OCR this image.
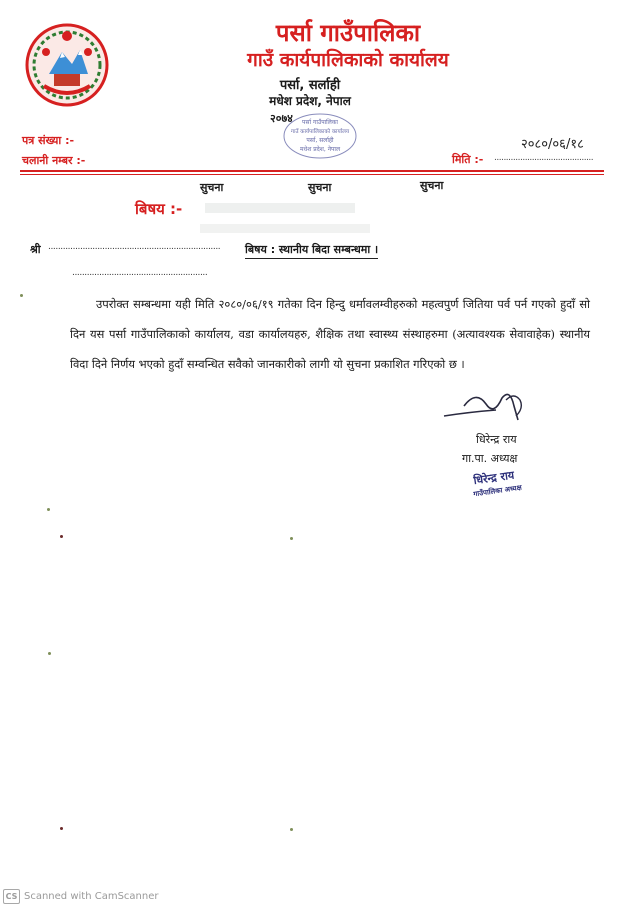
पर्सा गाउँपालिका
गाउँ कार्यपालिकाको कार्यालय
पर्सा, सर्लाही
मधेश प्रदेश, नेपाल
पर्सा गाउँपालिका
गाउँ कार्यपालिकाको कार्यालय
पर्सा, सर्लाही
मधेश प्रदेश, नेपाल
२०७४
पत्र संख्या :-
चलानी नम्बर :-	मिति :- ..........................................
२०८०/०६/१८
सुचना	सुचना	सुचना
बिषय :-
श्री ...................................................................... बिषय : स्थानीय बिदा सम्बन्धमा ।
.......................................................
उपरोक्त सम्बन्धमा यही मिति २०८०/०६/१९ गतेका दिन हिन्दु धर्मावलम्वीहरुको महत्वपुर्ण जितिया पर्व पर्न गएको हुदाँ सो दिन यस पर्सा गाउँपालिकाको कार्यालय, वडा कार्यालयहरु, शैक्षिक तथा स्वास्थ्य संस्थाहरुमा (अत्यावश्यक सेवावाहेक) स्थानीय विदा दिने निर्णय भएको हुदाँ सम्वन्धित सवैको जानकारीको लागी यो सुचना प्रकाशित गरिएको छ ।
धिरेन्द्र राय
गा.पा. अध्यक्ष
धिरेन्द्र राय
गाउँपालिका अध्यक्ष
CS Scanned with CamScanner
